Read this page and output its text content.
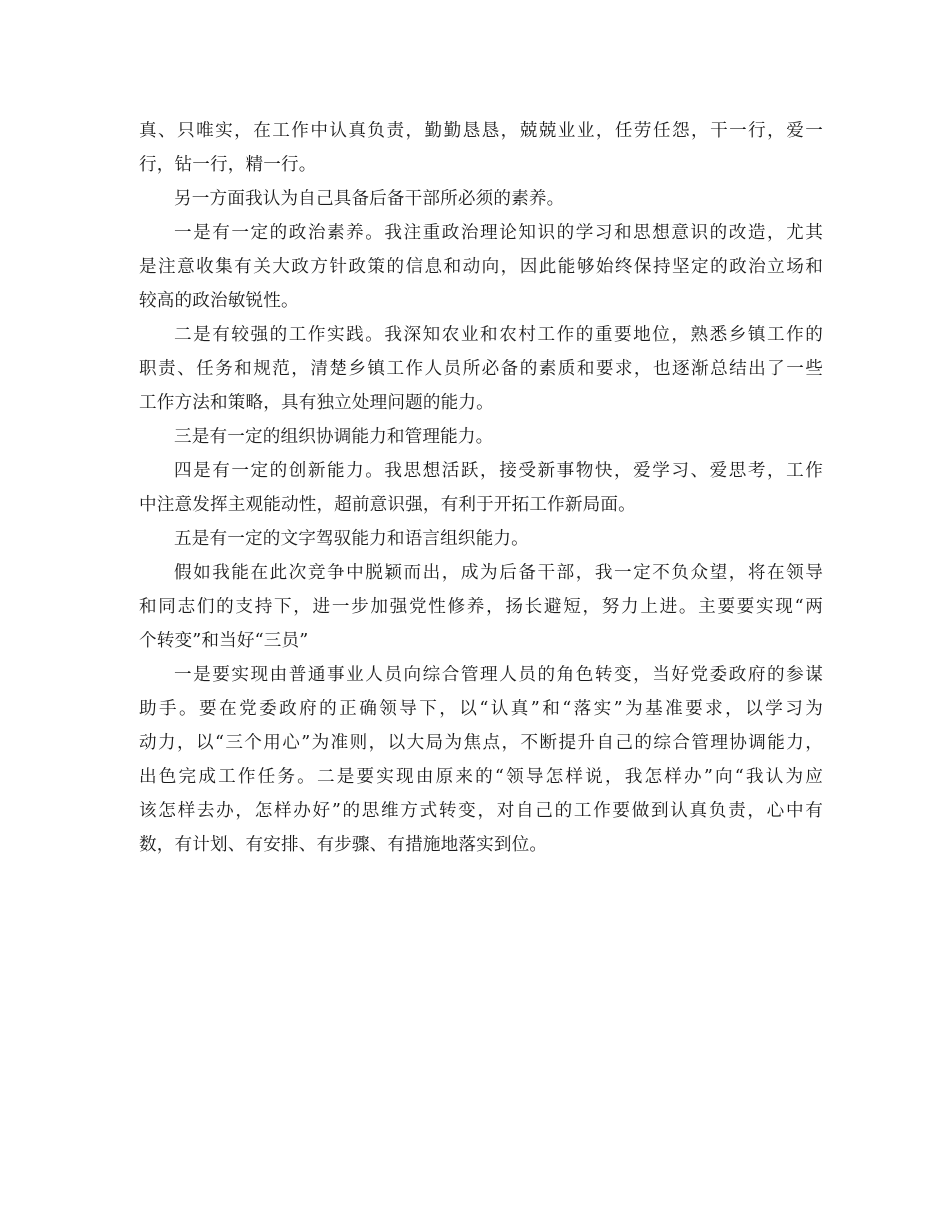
真、只唯实，在工作中认真负责，勤勤恳恳，兢兢业业，任劳任怨，干一行，爱一
行，钻一行，精一行。
另一方面我认为自己具备后备干部所必须的素养。
一是有一定的政治素养。我注重政治理论知识的学习和思想意识的改造，尤其
是注意收集有关大政方针政策的信息和动向，因此能够始终保持坚定的政治立场和
较高的政治敏锐性。
二是有较强的工作实践。我深知农业和农村工作的重要地位，熟悉乡镇工作的
职责、任务和规范，清楚乡镇工作人员所必备的素质和要求，也逐渐总结出了一些
工作方法和策略，具有独立处理问题的能力。
三是有一定的组织协调能力和管理能力。
四是有一定的创新能力。我思想活跃，接受新事物快，爱学习、爱思考，工作
中注意发挥主观能动性，超前意识强，有利于开拓工作新局面。
五是有一定的文字驾驭能力和语言组织能力。
假如我能在此次竞争中脱颖而出，成为后备干部，我一定不负众望，将在领导
和同志们的支持下，进一步加强党性修养，扬长避短，努力上进。主要要实现“两
个转变”和当好“三员”
一是要实现由普通事业人员向综合管理人员的角色转变，当好党委政府的参谋
助手。要在党委政府的正确领导下，以“认真”和“落实”为基准要求，以学习为
动力，以“三个用心”为准则，以大局为焦点，不断提升自己的综合管理协调能力，
出色完成工作任务。二是要实现由原来的“领导怎样说，我怎样办”向“我认为应
该怎样去办，怎样办好”的思维方式转变，对自己的工作要做到认真负责，心中有
数，有计划、有安排、有步骤、有措施地落实到位。
